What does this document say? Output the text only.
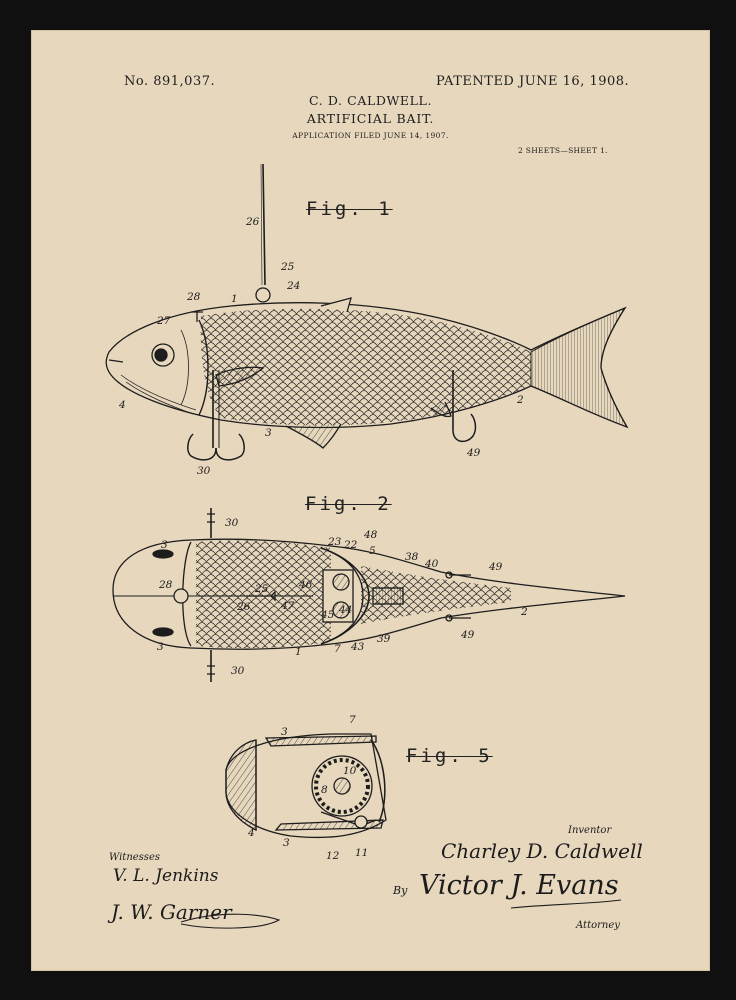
No. 891,037.	PATENTED JUNE 16, 1908.
C. D. CALDWELL.
ARTIFICIAL BAIT.
APPLICATION FILED JUNE 14, 1907.
2 SHEETS—SHEET 1.
Fig. 1
Fig. 2
Fig. 5
26
25
24
28	1
27
4
3
2
30
49
30
3	23 22
48
5	38
40	49
28	46
25
26	47
45 44	2
7 43
39
1
3
30
49
3
7
10
8
4
3
12 11
Witnesses
V. L. Jenkins
J. W. Garner
Inventor
Charley D. Caldwell
By Victor J. Evans
Attorney
